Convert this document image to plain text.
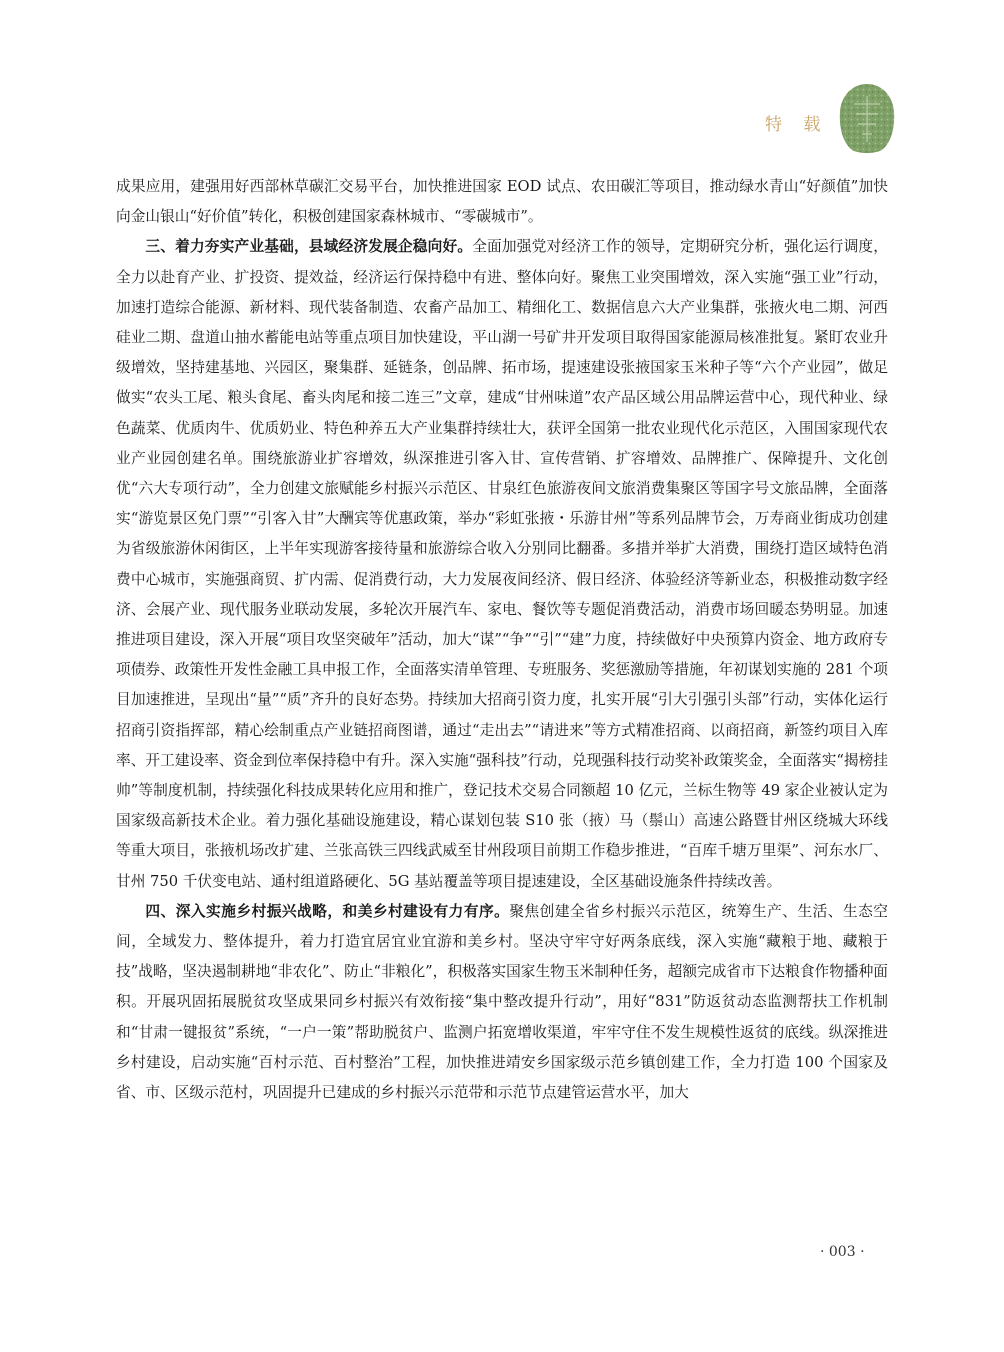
特 载

成果应用，建强用好西部林草碳汇交易平台，加快推进国家 EOD 试点、农田碳汇等项目，推动绿水青山“好颜值”加快向金山银山“好价值”转化，积极创建国家森林城市、“零碳城市”。

三、着力夯实产业基础，县域经济发展企稳向好。全面加强党对经济工作的领导，定期研究分析，强化运行调度，全力以赴育产业、扩投资、提效益，经济运行保持稳中有进、整体向好。聚焦工业突围增效，深入实施“强工业”行动，加速打造综合能源、新材料、现代装备制造、农畜产品加工、精细化工、数据信息六大产业集群，张掖火电二期、河西硅业二期、盘道山抽水蓄能电站等重点项目加快建设，平山湖一号矿井开发项目取得国家能源局核准批复。紧盯农业升级增效，坚持建基地、兴园区，聚集群、延链条，创品牌、拓市场，提速建设张掖国家玉米种子等“六个产业园”，做足做实“农头工尾、粮头食尾、畜头肉尾和接二连三”文章，建成“甘州味道”农产品区域公用品牌运营中心，现代种业、绿色蔬菜、优质肉牛、优质奶业、特色种养五大产业集群持续壮大，获评全国第一批农业现代化示范区，入围国家现代农业产业园创建名单。围绕旅游业扩容增效，纵深推进引客入甘、宣传营销、扩容增效、品牌推广、保障提升、文化创优“六大专项行动”，全力创建文旅赋能乡村振兴示范区、甘泉红色旅游夜间文旅消费集聚区等国字号文旅品牌，全面落实“游览景区免门票”“引客入甘”大酬宾等优惠政策，举办“彩虹张掖・乐游甘州”等系列品牌节会，万寿商业街成功创建为省级旅游休闲街区，上半年实现游客接待量和旅游综合收入分别同比翻番。多措并举扩大消费，围绕打造区域特色消费中心城市，实施强商贸、扩内需、促消费行动，大力发展夜间经济、假日经济、体验经济等新业态，积极推动数字经济、会展产业、现代服务业联动发展，多轮次开展汽车、家电、餐饮等专题促消费活动，消费市场回暖态势明显。加速推进项目建设，深入开展“项目攻坚突破年”活动，加大“谋”“争”“引”“建”力度，持续做好中央预算内资金、地方政府专项债券、政策性开发性金融工具申报工作，全面落实清单管理、专班服务、奖惩激励等措施，年初谋划实施的 281 个项目加速推进，呈现出“量”“质”齐升的良好态势。持续加大招商引资力度，扎实开展“引大引强引头部”行动，实体化运行招商引资指挥部，精心绘制重点产业链招商图谱，通过“走出去”“请进来”等方式精准招商、以商招商，新签约项目入库率、开工建设率、资金到位率保持稳中有升。深入实施“强科技”行动，兑现强科技行动奖补政策奖金，全面落实“揭榜挂帅”等制度机制，持续强化科技成果转化应用和推广，登记技术交易合同额超 10 亿元，兰标生物等 49 家企业被认定为国家级高新技术企业。着力强化基础设施建设，精心谋划包装 S10 张（掖）马（鬃山）高速公路暨甘州区绕城大环线等重大项目，张掖机场改扩建、兰张高铁三四线武威至甘州段项目前期工作稳步推进，“百库千塘万里渠”、河东水厂、甘州 750 千伏变电站、通村组道路硬化、5G 基站覆盖等项目提速建设，全区基础设施条件持续改善。

四、深入实施乡村振兴战略，和美乡村建设有力有序。聚焦创建全省乡村振兴示范区，统筹生产、生活、生态空间，全域发力、整体提升，着力打造宜居宜业宜游和美乡村。坚决守牢守好两条底线，深入实施“藏粮于地、藏粮于技”战略，坚决遏制耕地“非农化”、防止“非粮化”，积极落实国家生物玉米制种任务，超额完成省市下达粮食作物播种面积。开展巩固拓展脱贫攻坚成果同乡村振兴有效衔接“集中整改提升行动”，用好“831”防返贫动态监测帮扶工作机制和“甘肃一键报贫”系统，“一户一策”帮助脱贫户、监测户拓宽增收渠道，牢牢守住不发生规模性返贫的底线。纵深推进乡村建设，启动实施“百村示范、百村整治”工程，加快推进靖安乡国家级示范乡镇创建工作，全力打造 100 个国家及省、市、区级示范村，巩固提升已建成的乡村振兴示范带和示范节点建管运营水平，加大

· 003 ·
